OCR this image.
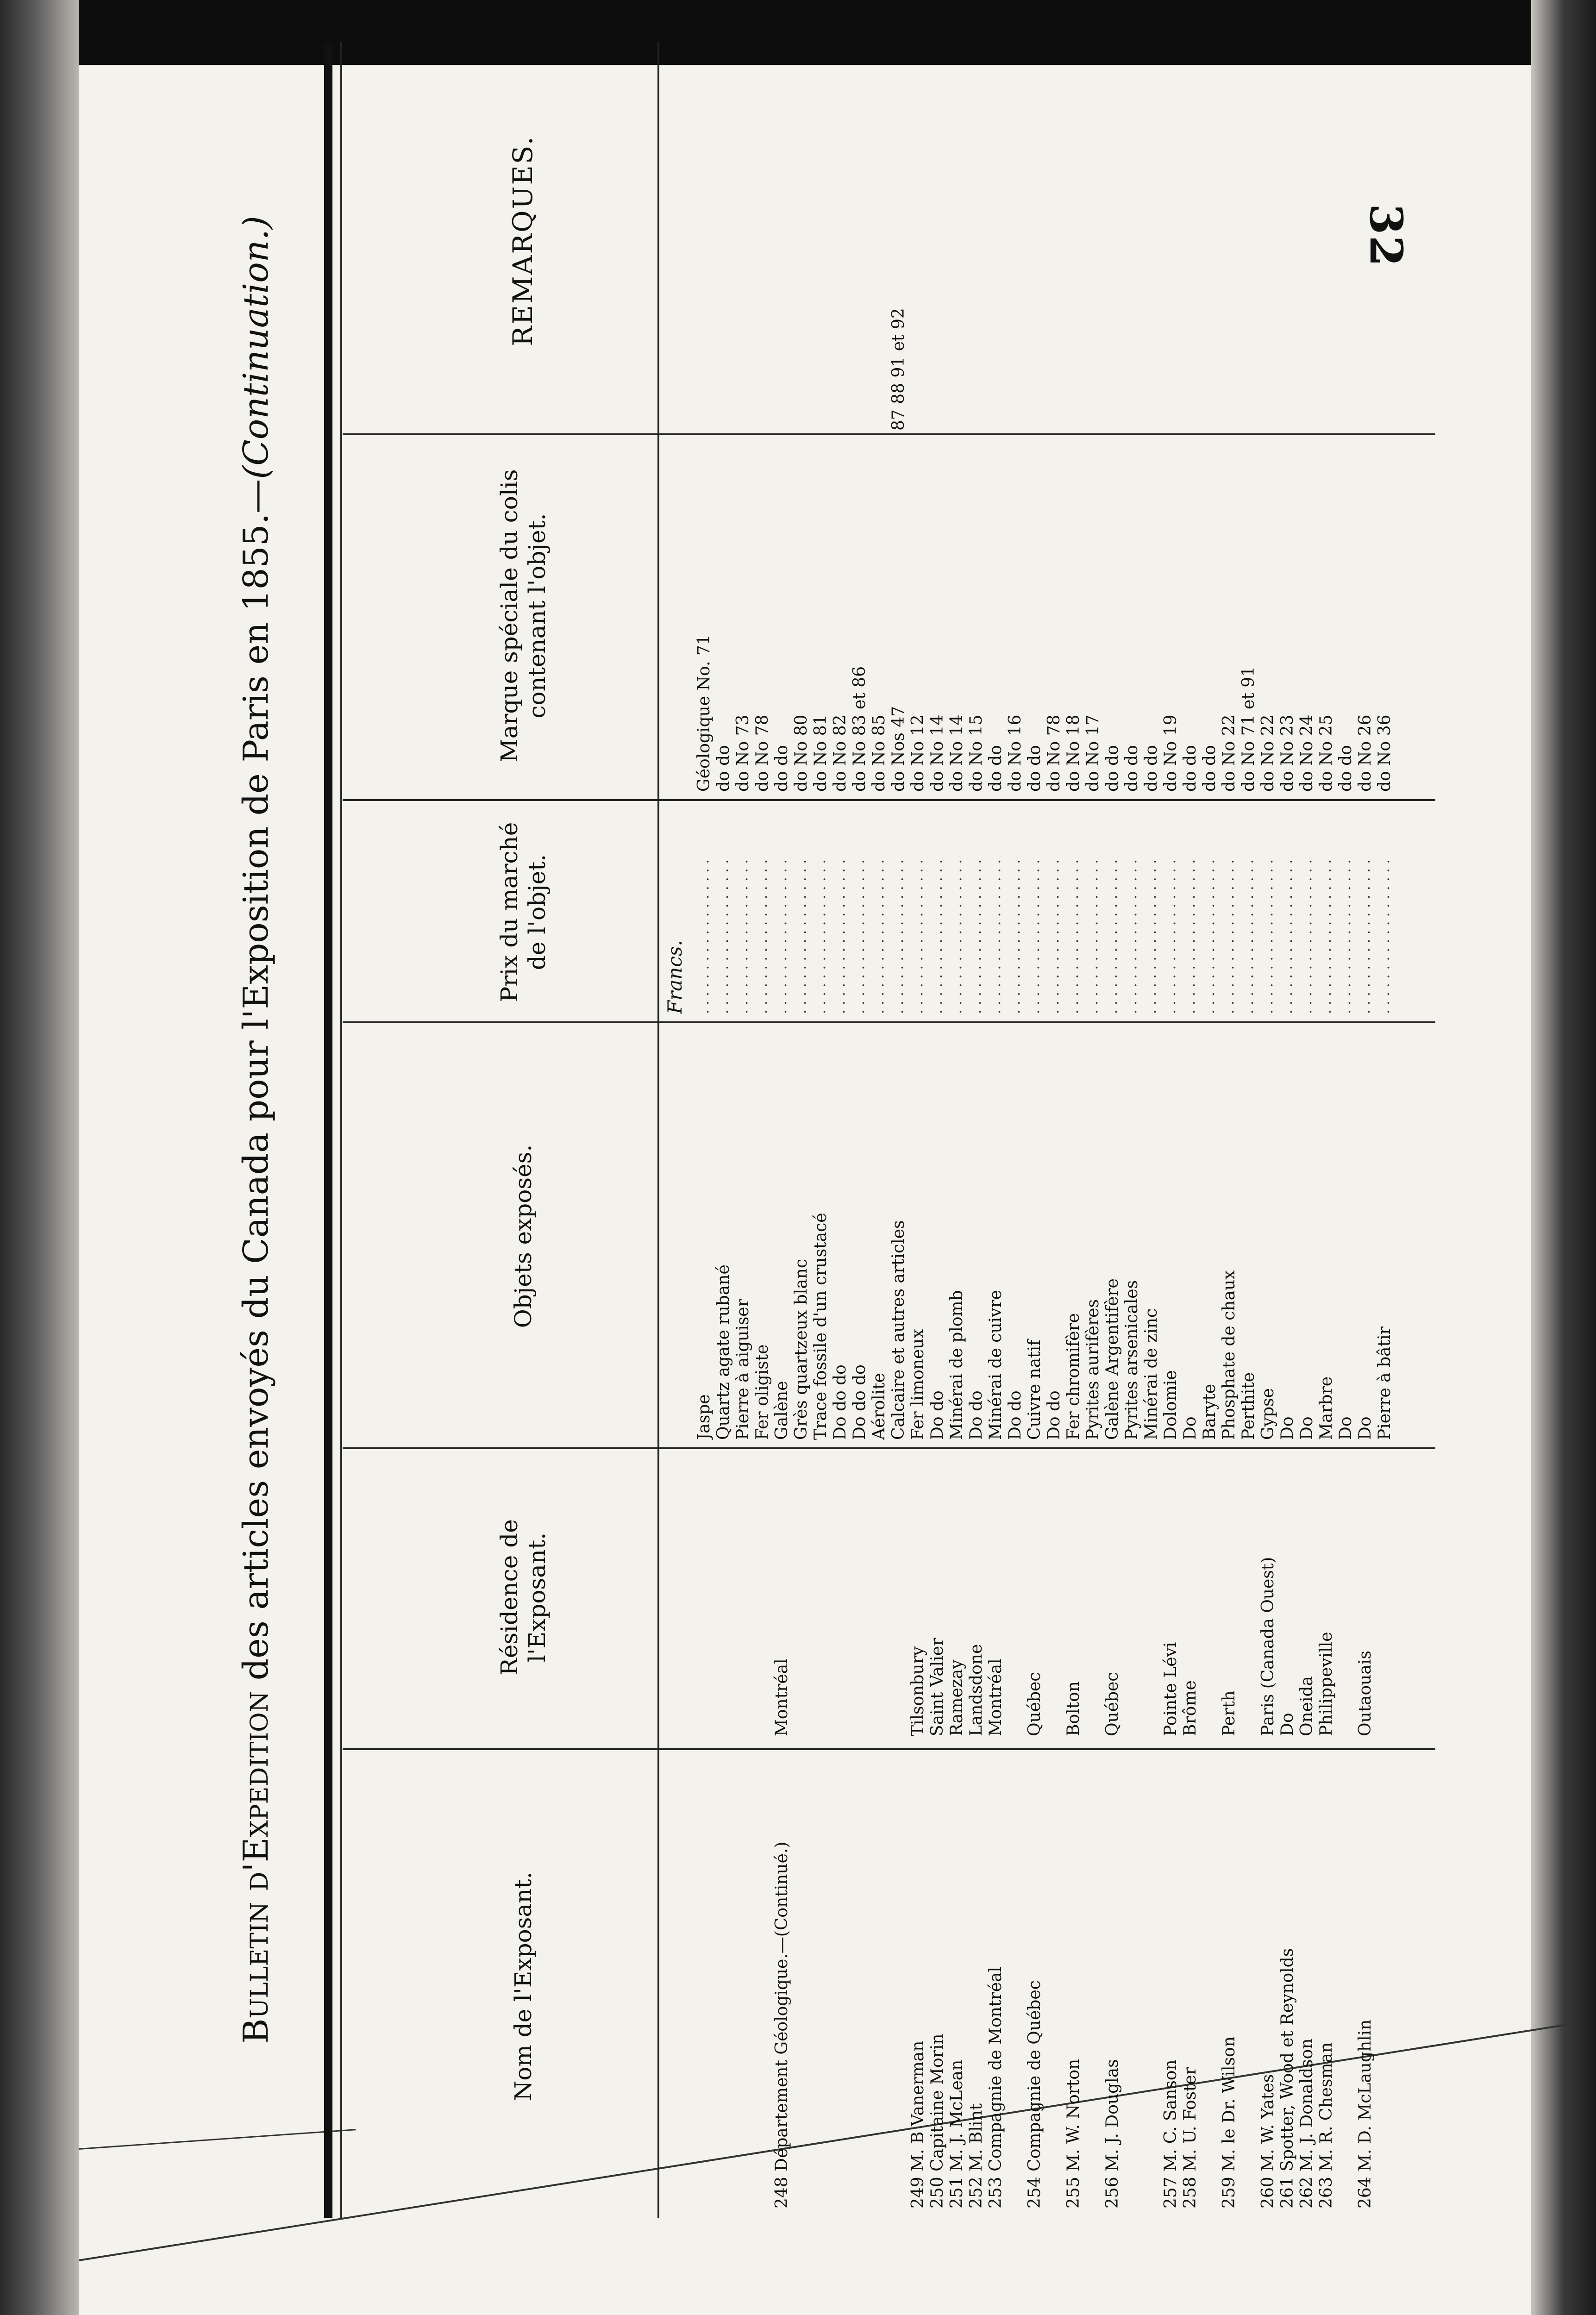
32
Bulletin d'Expedition des articles envoyés du Canada pour l'Exposition de Paris en 1855.—(Continuation.)
Nom de l'Exposant.
Résidence de l'Exposant.
Objets exposés.
Prix du marché de l'objet.
Marque spéciale du colis contenant l'objet.
REMARQUES.
Francs.
Jaspe
Géologique No. 71
. . . . . . . . . . . . . . . . . .
Quartz agate rubané
do do
. . . . . . . . . . . . . . . . . .
Pierre à aiguiser
do No 73
. . . . . . . . . . . . . . . . . .
Fer oligiste
do No 78
. . . . . . . . . . . . . . . . . .
248 Département Géologique.—(Continué.)
Montréal
Galène
do do
. . . . . . . . . . . . . . . . . .
Grès quartzeux blanc
do No 80
. . . . . . . . . . . . . . . . . .
Trace fossile d'un crustacé
do No 81
. . . . . . . . . . . . . . . . . .
Do do do
do No 82
. . . . . . . . . . . . . . . . . .
Do do do
do No 83 et 86
. . . . . . . . . . . . . . . . . .
Aérolite
do No 85
. . . . . . . . . . . . . . . . . .
Calcaire et autres articles
do Nos 47
87 88 91 et 92
. . . . . . . . . . . . . . . . . .
249 M. B Vanerman
Tilsonbury
Fer limoneux
do No 12
. . . . . . . . . . . . . . . . . .
250 Capitaine Morin
Saint Valier
Do do
do No 14
. . . . . . . . . . . . . . . . . .
251 M. J. McLean
Ramezay
Minérai de plomb
do No 14
. . . . . . . . . . . . . . . . . .
252 M. Blint
Landsdone
Do do
do No 15
. . . . . . . . . . . . . . . . . .
253 Compagnie de Montréal
Montréal
Minérai de cuivre
do do
. . . . . . . . . . . . . . . . . .
Do do
do No 16
. . . . . . . . . . . . . . . . . .
254 Compagnie de Québec
Québec
Cuivre natif
do do
. . . . . . . . . . . . . . . . . .
Do do
do No 78
. . . . . . . . . . . . . . . . . .
255 M. W. Norton
Bolton
Fer chromifère
do No 18
. . . . . . . . . . . . . . . . . .
Pyrites aurifères
do No 17
. . . . . . . . . . . . . . . . . .
256 M. J. Douglas
Québec
Galène Argentifère
do do
. . . . . . . . . . . . . . . . . .
Pyrites arsenicales
do do
. . . . . . . . . . . . . . . . . .
Minérai de zinc
do do
. . . . . . . . . . . . . . . . . .
257 M. C. Sanson
Pointe Lévi
Dolomie
do No 19
. . . . . . . . . . . . . . . . . .
258 M. U. Foster
Brôme
Do
do do
. . . . . . . . . . . . . . . . . .
Baryte
do do
. . . . . . . . . . . . . . . . . .
259 M. le Dr. Wilson
Perth
Phosphate de chaux
do No 22
. . . . . . . . . . . . . . . . . .
Perthite
do No 71 et 91
. . . . . . . . . . . . . . . . . .
260 M. W. Yates
Paris (Canada Ouest)
Gypse
do No 22
. . . . . . . . . . . . . . . . . .
261 Spotter, Wood et Reynolds
Do
Do
do No 23
. . . . . . . . . . . . . . . . . .
262 M. J. Donaldson
Oneida
Do
do No 24
. . . . . . . . . . . . . . . . . .
263 M. R. Chesman
Philippeville
Marbre
do No 25
. . . . . . . . . . . . . . . . . .
Do
do do
. . . . . . . . . . . . . . . . . .
264 M. D. McLaughlin
Outaouais
Do
do No 26
. . . . . . . . . . . . . . . . . .
Pierre à bâtir
do No 36
. . . . . . . . . . . . . . . . . .
